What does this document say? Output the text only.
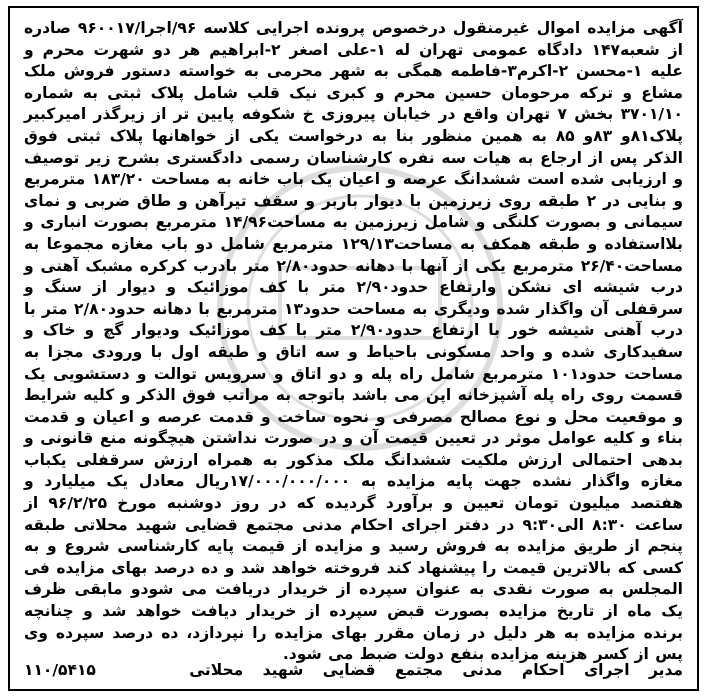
آگهی مزایده اموال غیرمنقول درخصوص پرونده اجرایی کلاسه ۹۶/اجرا/۹۶۰۰۱۷ صادره از شعبه۱۴۷ دادگاه عمومی تهران له ۱-علی اصغر ۲-ابراهیم هر دو شهرت محرم و علیه ۱-محسن ۲-اکرم۳-فاطمه همگی به شهر محرمی به خواسته دستور فروش ملک مشاع و ترکه مرحومان حسین محرم و کبری نیک قلب شامل پلاک ثبتی به شماره ۳۷۰۱/۱۰ بخش ۷ تهران واقع در خیابان پیروزی خ شکوفه پایین تر از زیرگذر امیرکبیر پلاک۸۱و ۸۳و ۸۵ به همین منظور بنا به درخواست یکی از خواهانها پلاک ثبتی فوق الذکر پس از ارجاع به هیات سه نفره کارشناسان رسمی دادگستری بشرح زیر توصیف و ارزیابی شده است ششدانگ عرصه و اعیان یک باب خانه به مساحت ۱۸۳/۲۰ مترمربع و بنایی در ۲ طبقه روی زیرزمین با دیوار باربر و سقف تیرآهن و طاق ضربی و نمای سیمانی و بصورت کلنگی و شامل زیرزمین به مساحت۱۴/۹۶ مترمربع بصورت انباری و بلااستفاده و طبقه همکف به مساحت۱۲۹/۱۳ مترمربع شامل دو باب مغازه مجموعا به مساحت۲۶/۴۰ مترمربع یکی از آنها با دهانه حدود۲/۸۰ متر بادرب کرکره مشبک آهنی و درب شیشه ای نشکن وارتفاع حدود۲/۹۰ متر با کف موزائیک و دیوار از سنگ و سرقفلی آن واگذار شده ودیگری به مساحت حدود۱۳ مترمربع با دهانه حدود۲/۸۰ متر با درب آهنی شیشه خور با ارتفاع حدود۲/۹۰ متر با کف موزائیک ودیوار گچ و خاک و سفیدکاری شده و واحد مسکونی باحیاط و سه اتاق و طبقه اول با ورودی مجزا به مساحت حدود۱۰۱ مترمربع شامل راه پله و دو اتاق و سرویس توالت و دستشویی یک قسمت روی راه پله آشپزخانه اپن می باشد باتوجه به مراتب فوق الذکر و کلیه شرایط و موقعیت محل و نوع مصالح مصرفی و نحوه ساخت و قدمت عرصه و اعیان و قدمت بناء و کلیه عوامل موثر در تعیین قیمت آن و در صورت نداشتن هیچگونه منع قانونی و بدهی احتمالی ارزش ملکیت ششدانگ ملک مذکور به همراه ارزش سرقفلی یکباب مغازه واگذار نشده جهت پایه مزایده به ۱۷/۰۰۰/۰۰۰/۰۰۰ریال معادل یک میلیارد و هفتصد میلیون تومان تعیین و برآورد گردیده که در روز دوشنبه مورخ ۹۶/۲/۲۵ از ساعت ۸:۳۰ الی۹:۳۰ در دفتر اجرای احکام مدنی مجتمع قضایی شهید محلاتی طبقه پنجم از طریق مزایده به فروش رسید و مزایده از قیمت پایه کارشناسی شروع و به کسی که بالاترین قیمت را پیشنهاد کند فروخته خواهد شد و ده درصد بهای مزایده فی المجلس به صورت نقدی به عنوان سپرده از خریدار دریافت می شودو مابقی ظرف یک ماه از تاریخ مزایده بصورت قبض سپرده از خریدار دیافت خواهد شد و چنانچه برنده مزایده به هر دلیل در زمان مقرر بهای مزایده را نپردازد، ده درصد سپرده وی پس از کسر هزینه مزایده بنفع دولت ضبط می شود.

مدیر اجرای احکام مدنی مجتمع قضایی شهید محلاتی
۱۱۰/۵۴۱۵
